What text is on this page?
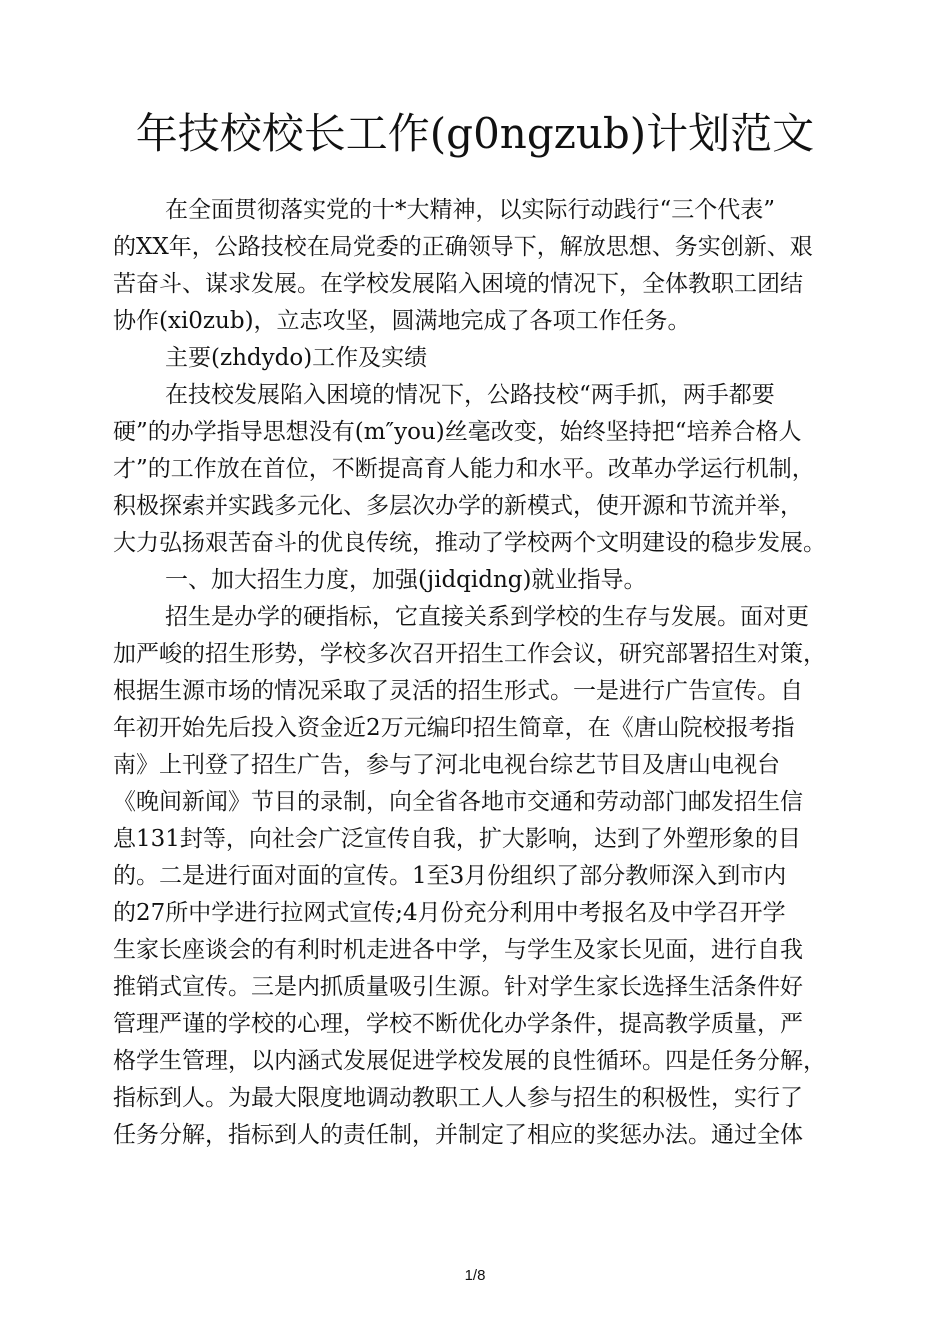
年技校校长工作(g0ngzub)计划范文
在全面贯彻落实党的十*大精神，以实际行动践行“三个代表”
的XX年，公路技校在局党委的正确领导下，解放思想、务实创新、艰
苦奋斗、谋求发展。在学校发展陷入困境的情况下，全体教职工团结
协作(xi0zub)，立志攻坚，圆满地完成了各项工作任务。
主要(zhdydo)工作及实绩
在技校发展陷入困境的情况下，公路技校“两手抓，两手都要
硬”的办学指导思想没有(m″you)丝毫改变，始终坚持把“培养合格人
才”的工作放在首位，不断提高育人能力和水平。改革办学运行机制，
积极探索并实践多元化、多层次办学的新模式，使开源和节流并举，
大力弘扬艰苦奋斗的优良传统，推动了学校两个文明建设的稳步发展。
一、加大招生力度，加强(jidqidng)就业指导。
招生是办学的硬指标，它直接关系到学校的生存与发展。面对更
加严峻的招生形势，学校多次召开招生工作会议，研究部署招生对策，
根据生源市场的情况采取了灵活的招生形式。一是进行广告宣传。自
年初开始先后投入资金近2万元编印招生简章，在《唐山院校报考指
南》上刊登了招生广告，参与了河北电视台综艺节目及唐山电视台
《晚间新闻》节目的录制，向全省各地市交通和劳动部门邮发招生信
息131封等，向社会广泛宣传自我，扩大影响，达到了外塑形象的目
的。二是进行面对面的宣传。1至3月份组织了部分教师深入到市内
的27所中学进行拉网式宣传;4月份充分利用中考报名及中学召开学
生家长座谈会的有利时机走进各中学，与学生及家长见面，进行自我
推销式宣传。三是内抓质量吸引生源。针对学生家长选择生活条件好
管理严谨的学校的心理，学校不断优化办学条件，提高教学质量，严
格学生管理，以内涵式发展促进学校发展的良性循环。四是任务分解，
指标到人。为最大限度地调动教职工人人参与招生的积极性，实行了
任务分解，指标到人的责任制，并制定了相应的奖惩办法。通过全体
1/8
